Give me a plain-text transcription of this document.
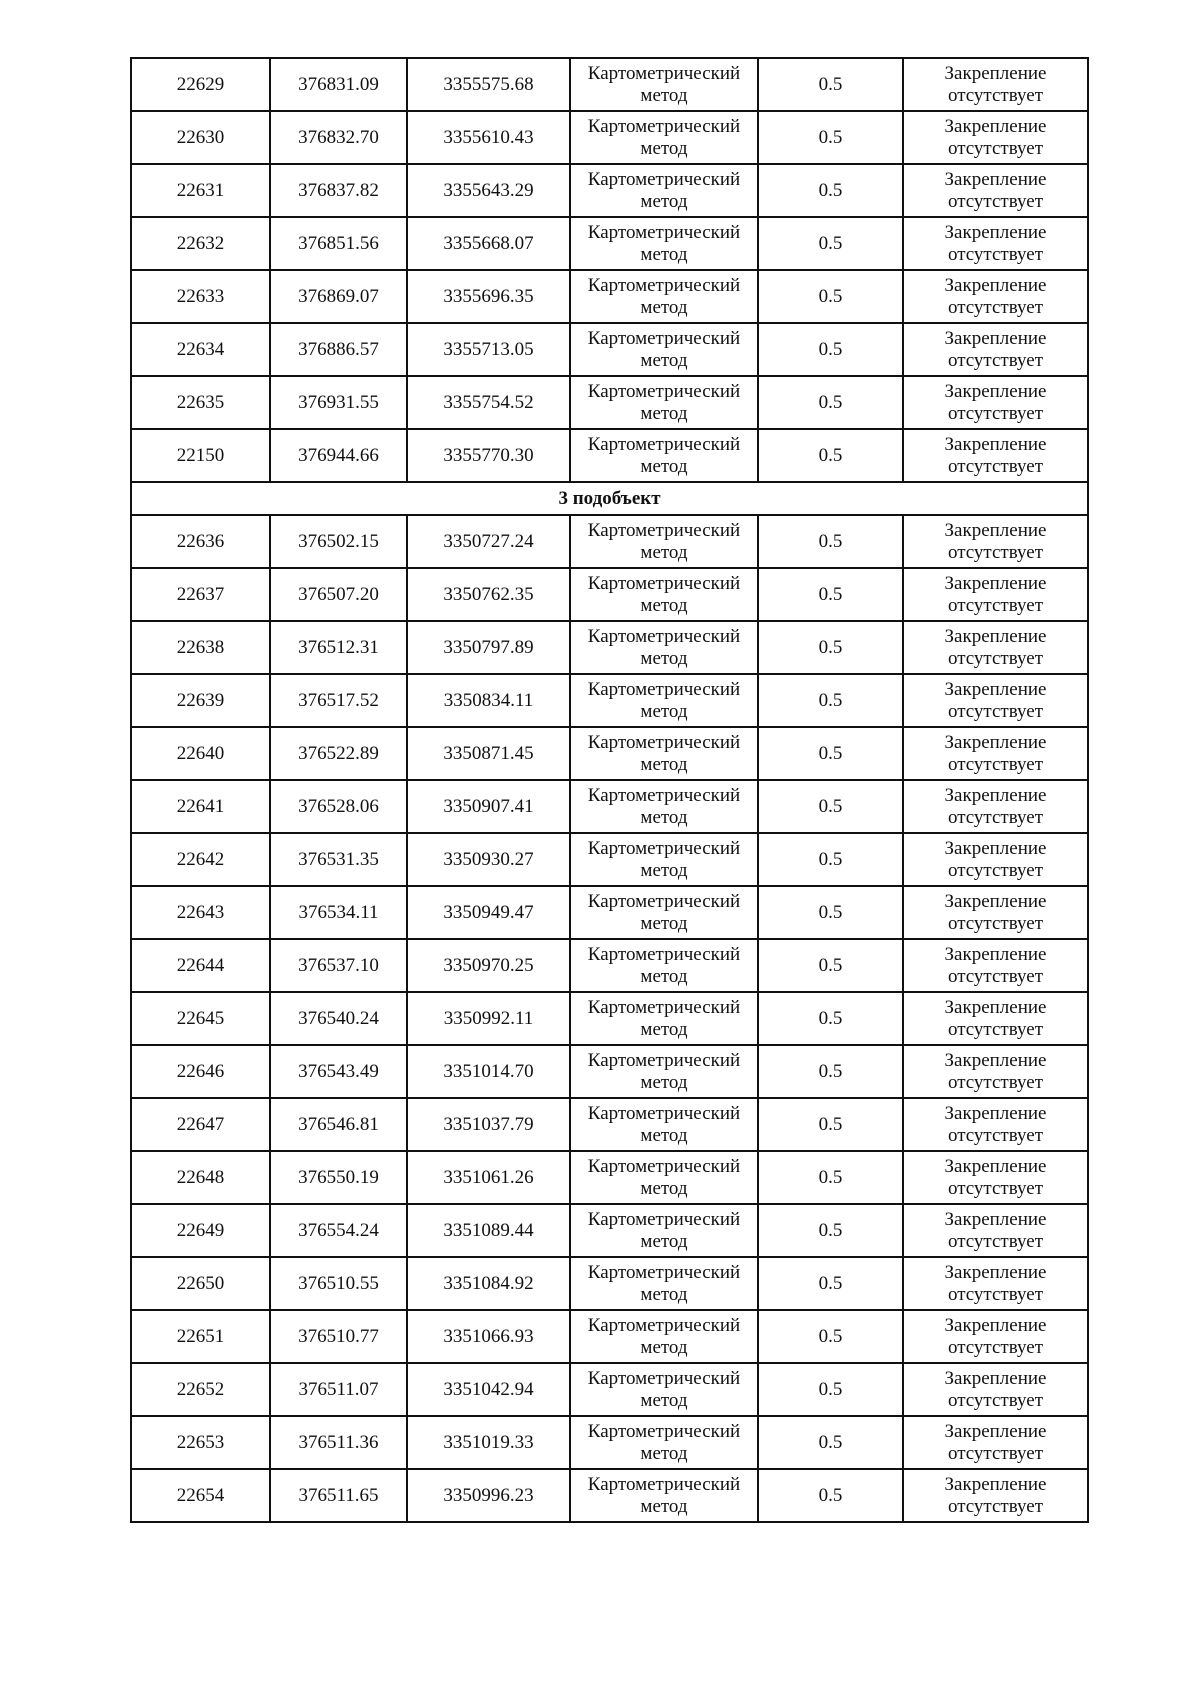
22629	376831.09	3355575.68	Картометрический
метод	0.5	Закрепление
отсутствует

22630	376832.70	3355610.43	Картометрический
метод	0.5	Закрепление
отсутствует

22631	376837.82	3355643.29	Картометрический
метод	0.5	Закрепление
отсутствует

22632	376851.56	3355668.07	Картометрический
метод	0.5	Закрепление
отсутствует

22633	376869.07	3355696.35	Картометрический
метод	0.5	Закрепление
отсутствует

22634	376886.57	3355713.05	Картометрический
метод	0.5	Закрепление
отсутствует

22635	376931.55	3355754.52	Картометрический
метод	0.5	Закрепление
отсутствует

22150	376944.66	3355770.30	Картометрический
метод	0.5	Закрепление
отсутствует

3 подобъект					
22636	376502.15	3350727.24	Картометрический
метод	0.5	Закрепление
отсутствует

22637	376507.20	3350762.35	Картометрический
метод	0.5	Закрепление
отсутствует

22638	376512.31	3350797.89	Картометрический
метод	0.5	Закрепление
отсутствует

22639	376517.52	3350834.11	Картометрический
метод	0.5	Закрепление
отсутствует

22640	376522.89	3350871.45	Картометрический
метод	0.5	Закрепление
отсутствует

22641	376528.06	3350907.41	Картометрический
метод	0.5	Закрепление
отсутствует

22642	376531.35	3350930.27	Картометрический
метод	0.5	Закрепление
отсутствует

22643	376534.11	3350949.47	Картометрический
метод	0.5	Закрепление
отсутствует

22644	376537.10	3350970.25	Картометрический
метод	0.5	Закрепление
отсутствует

22645	376540.24	3350992.11	Картометрический
метод	0.5	Закрепление
отсутствует

22646	376543.49	3351014.70	Картометрический
метод	0.5	Закрепление
отсутствует

22647	376546.81	3351037.79	Картометрический
метод	0.5	Закрепление
отсутствует

22648	376550.19	3351061.26	Картометрический
метод	0.5	Закрепление
отсутствует

22649	376554.24	3351089.44	Картометрический
метод	0.5	Закрепление
отсутствует

22650	376510.55	3351084.92	Картометрический
метод	0.5	Закрепление
отсутствует

22651	376510.77	3351066.93	Картометрический
метод	0.5	Закрепление
отсутствует

22652	376511.07	3351042.94	Картометрический
метод	0.5	Закрепление
отсутствует

22653	376511.36	3351019.33	Картометрический
метод	0.5	Закрепление
отсутствует

22654	376511.65	3350996.23	Картометрический
метод	0.5	Закрепление
отсутствует
